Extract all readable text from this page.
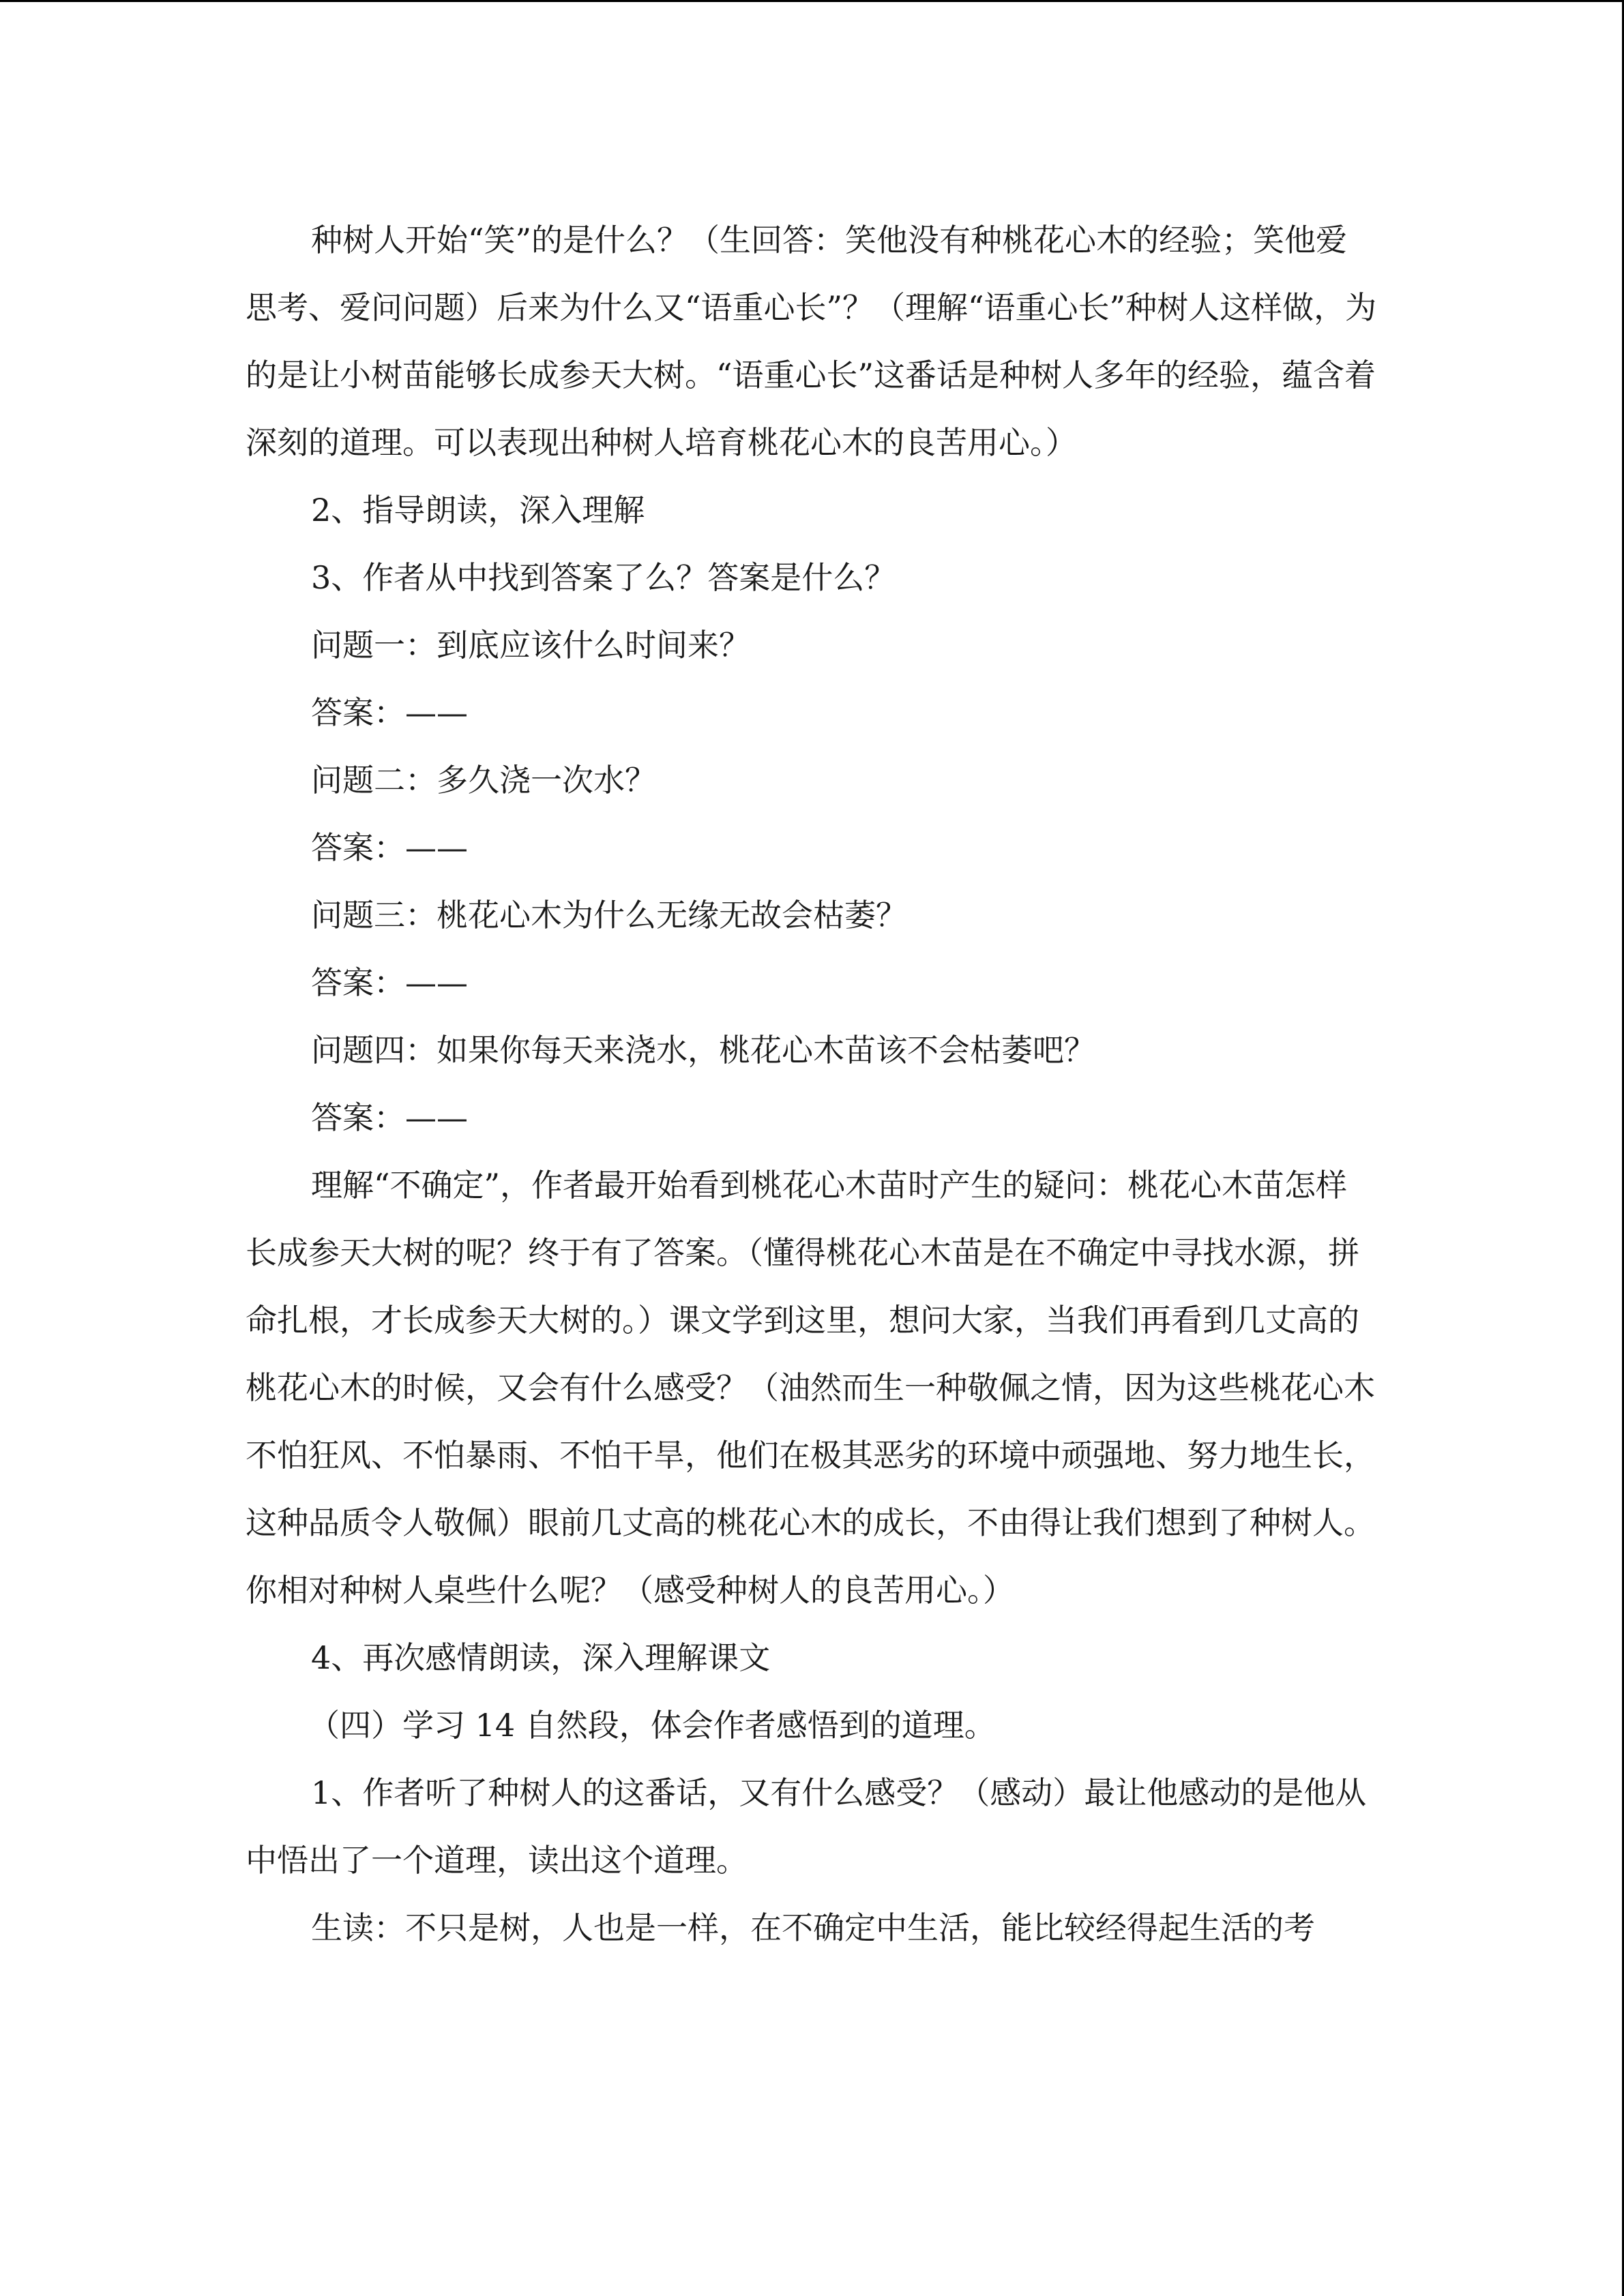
种树人开始“笑”的是什么？（生回答：笑他没有种桃花心木的经验；笑他爱思考、爱问问题）后来为什么又“语重心长”？（理解“语重心长”种树人这样做，为的是让小树苗能够长成参天大树。“语重心长”这番话是种树人多年的经验，蕴含着深刻的道理。可以表现出种树人培育桃花心木的良苦用心。）

2、指导朗读，深入理解

3、作者从中找到答案了么？答案是什么？

问题一：到底应该什么时间来？

答案：——

问题二：多久浇一次水？

答案：——

问题三：桃花心木为什么无缘无故会枯萎？

答案：——

问题四：如果你每天来浇水，桃花心木苗该不会枯萎吧？

答案：——

理解“不确定”，作者最开始看到桃花心木苗时产生的疑问：桃花心木苗怎样长成参天大树的呢？终于有了答案。（懂得桃花心木苗是在不确定中寻找水源，拼命扎根，才长成参天大树的。）课文学到这里，想问大家，当我们再看到几丈高的桃花心木的时候，又会有什么感受？（油然而生一种敬佩之情，因为这些桃花心木不怕狂风、不怕暴雨、不怕干旱，他们在极其恶劣的环境中顽强地、努力地生长，这种品质令人敬佩）眼前几丈高的桃花心木的成长，不由得让我们想到了种树人。你相对种树人桌些什么呢？（感受种树人的良苦用心。）

4、再次感情朗读，深入理解课文

（四）学习 14 自然段，体会作者感悟到的道理。

1、作者听了种树人的这番话，又有什么感受？（感动）最让他感动的是他从中悟出了一个道理，读出这个道理。

生读：不只是树，人也是一样，在不确定中生活，能比较经得起生活的考
